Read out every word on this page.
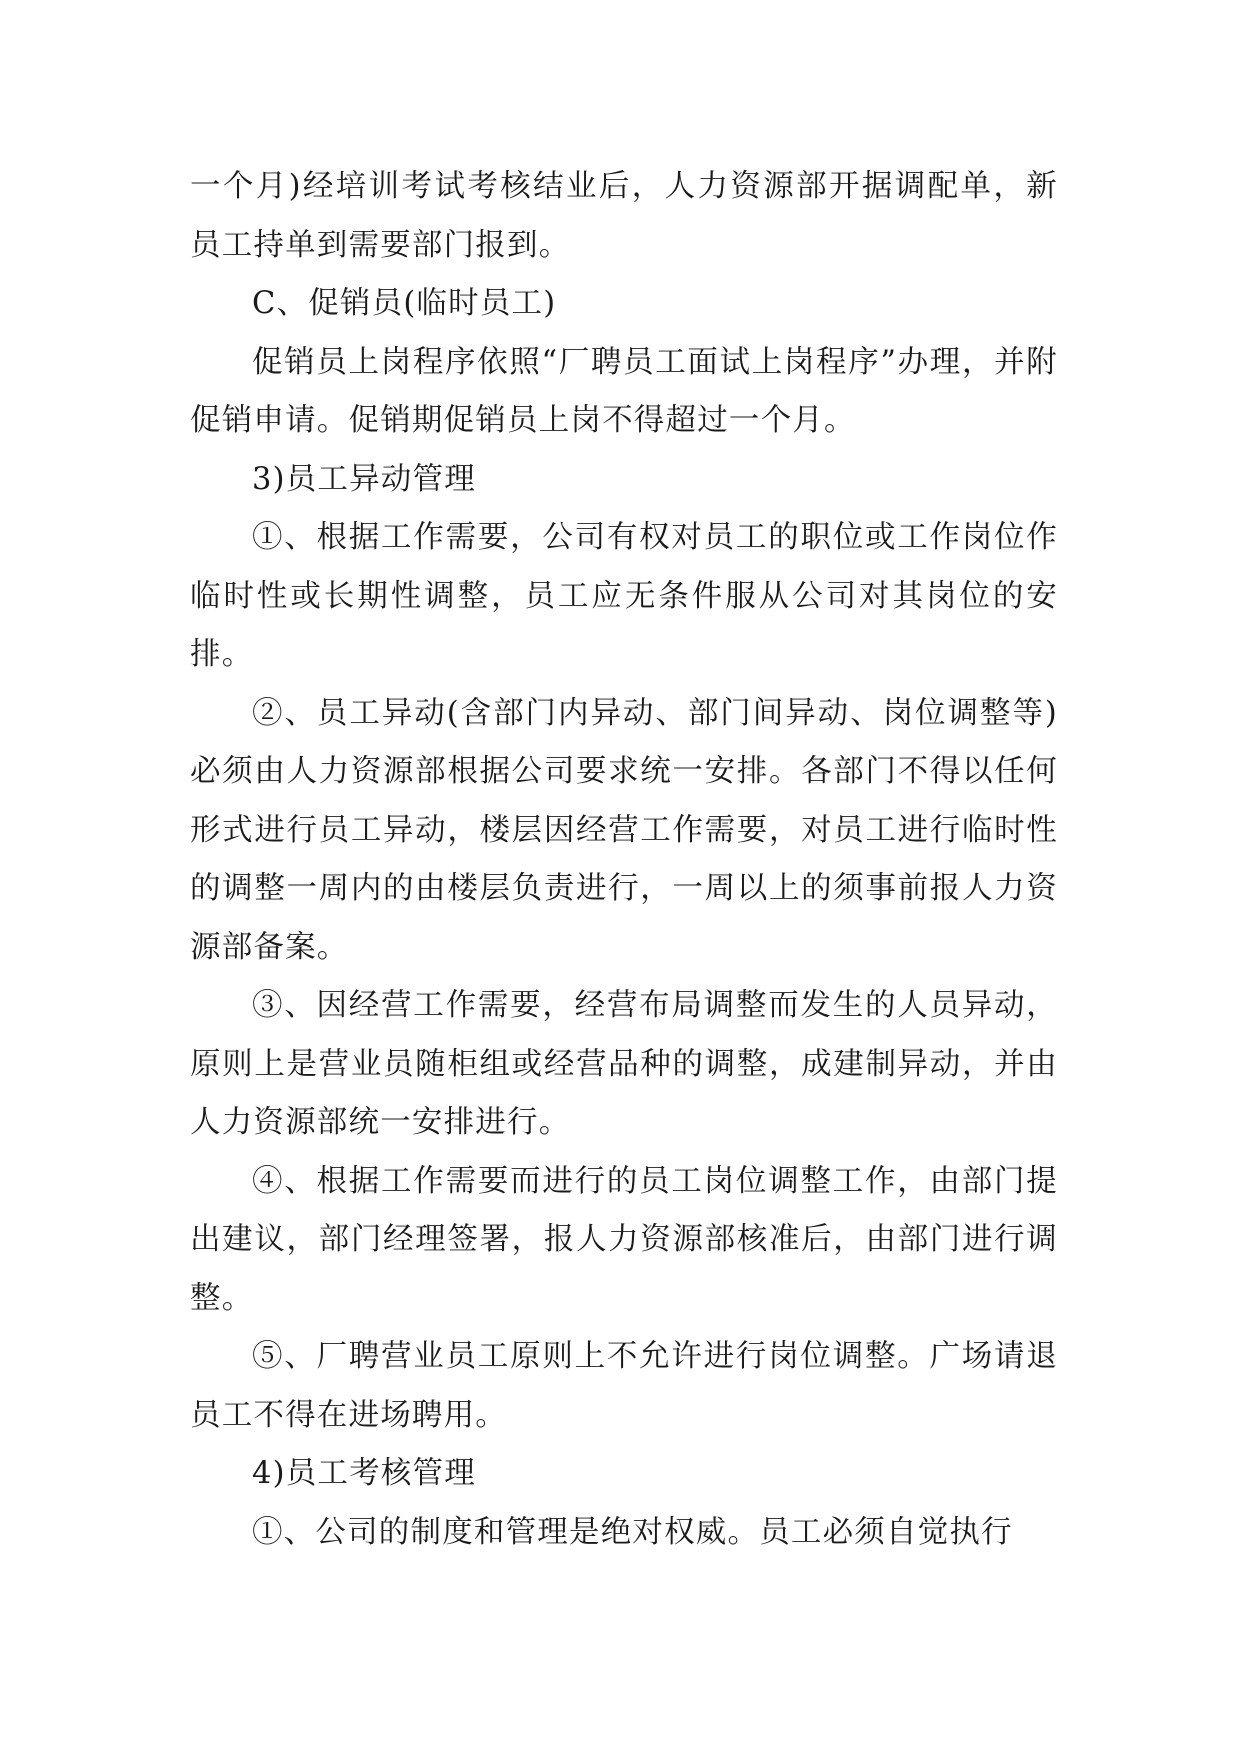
一个月)经培训考试考核结业后，人力资源部开据调配单，新员工持单到需要部门报到。

C、促销员(临时员工)

促销员上岗程序依照“厂聘员工面试上岗程序”办理，并附促销申请。促销期促销员上岗不得超过一个月。

3)员工异动管理

①、根据工作需要，公司有权对员工的职位或工作岗位作临时性或长期性调整，员工应无条件服从公司对其岗位的安排。

②、员工异动(含部门内异动、部门间异动、岗位调整等)必须由人力资源部根据公司要求统一安排。各部门不得以任何形式进行员工异动，楼层因经营工作需要，对员工进行临时性的调整一周内的由楼层负责进行，一周以上的须事前报人力资源部备案。

③、因经营工作需要，经营布局调整而发生的人员异动，原则上是营业员随柜组或经营品种的调整，成建制异动，并由人力资源部统一安排进行。

④、根据工作需要而进行的员工岗位调整工作，由部门提出建议，部门经理签署，报人力资源部核准后，由部门进行调整。

⑤、厂聘营业员工原则上不允许进行岗位调整。广场请退员工不得在进场聘用。

4)员工考核管理

①、公司的制度和管理是绝对权威。员工必须自觉执行
